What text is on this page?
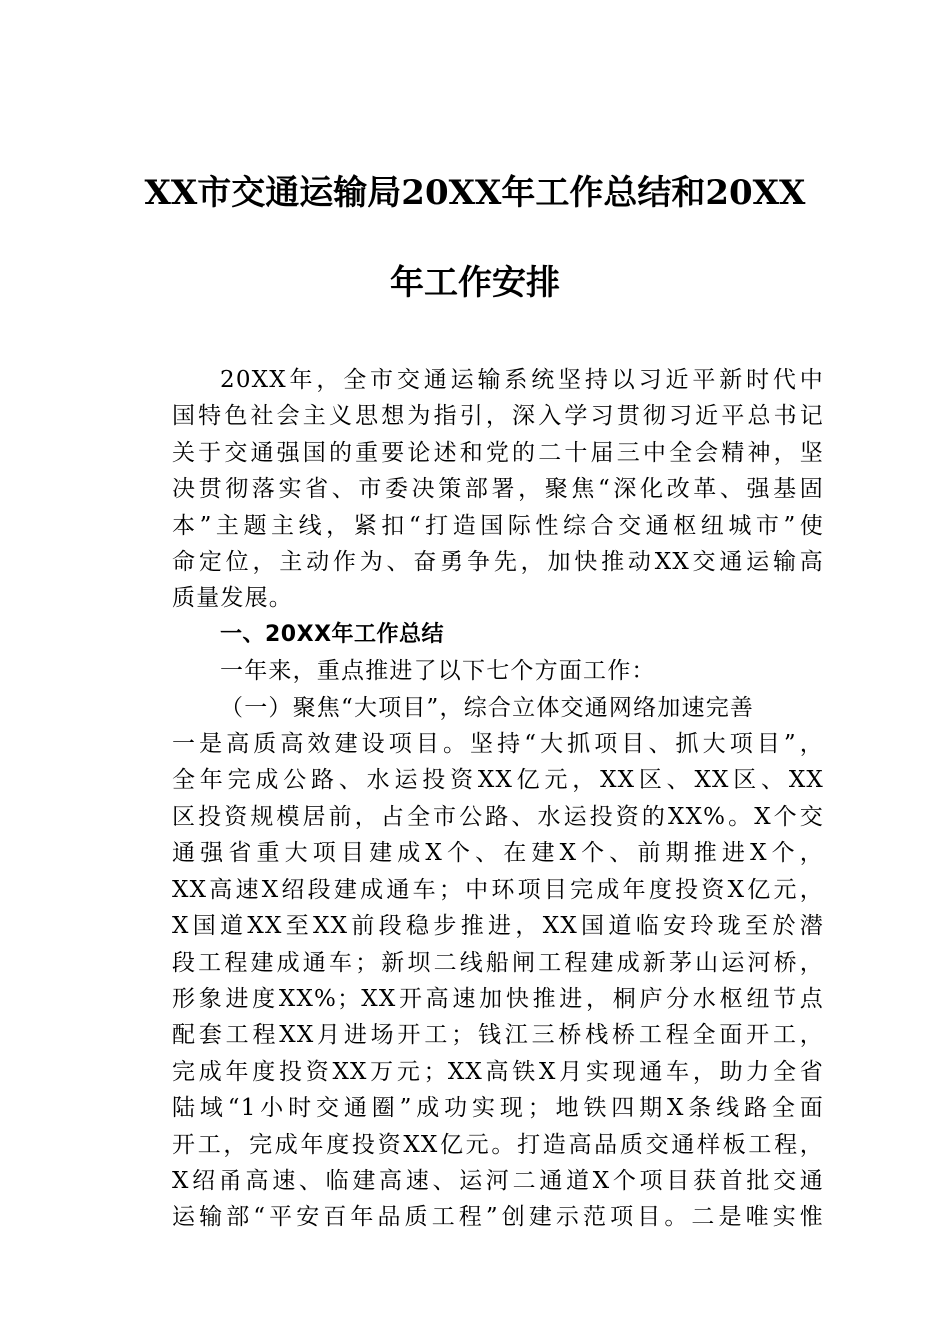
XX市交通运输局20XX年工作总结和20XX
年工作安排
20XX年，全市交通运输系统坚持以习近平新时代中
国特色社会主义思想为指引，深入学习贯彻习近平总书记
关于交通强国的重要论述和党的二十届三中全会精神，坚
决贯彻落实省、市委决策部署，聚焦“深化改革、强基固
本”主题主线，紧扣“打造国际性综合交通枢纽城市”使
命定位，主动作为、奋勇争先，加快推动XX交通运输高
质量发展。

一、20XX年工作总结

一年来，重点推进了以下七个方面工作：
（一）聚焦“大项目”，综合立体交通网络加速完善
一是高质高效建设项目。坚持“大抓项目、抓大项目”，
全年完成公路、水运投资XX亿元，XX区、XX区、XX
区投资规模居前，占全市公路、水运投资的XX%。X个交
通强省重大项目建成X个、在建X个、前期推进X个，
XX高速X绍段建成通车；中环项目完成年度投资X亿元，
X国道XX至XX前段稳步推进，XX国道临安玲珑至於潜
段工程建成通车；新坝二线船闸工程建成新茅山运河桥，
形象进度XX%；XX开高速加快推进，桐庐分水枢纽节点
配套工程XX月进场开工；钱江三桥栈桥工程全面开工，
完成年度投资XX万元；XX高铁X月实现通车，助力全省
陆域“1小时交通圈”成功实现；地铁四期X条线路全面
开工，完成年度投资XX亿元。打造高品质交通样板工程，
X绍甬高速、临建高速、运河二通道X个项目获首批交通
运输部“平安百年品质工程”创建示范项目。二是唯实惟
